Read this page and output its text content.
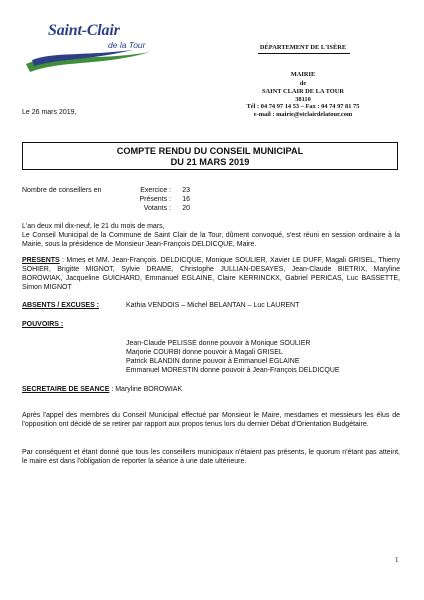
Saint-Clair
de la Tour	DÉPARTEMENT DE L'ISÈRE
MAIRIE
de
SAINT CLAIR DE LA TOUR
38110
Tél : 04 74 97 14 53 – Fax : 04 74 97 81 75
e-mail : mairie@stclairdelatour.com
Le 26 mars 2019,
COMPTE RENDU DU CONSEIL MUNICIPAL
DU 21 MARS 2019
Nombre de conseillers en	Exercice :	23
Présents :	16
Votants :	20
L'an deux mil dix-neuf, le 21 du mois de mars,
Le Conseil Municipal de la Commune de Saint Clair de la Tour, dûment convoqué, s'est réuni en session ordinaire à la Mairie, sous la présidence de Monsieur Jean-François DELDICQUE, Maire.
PRESENTS : Mmes et MM. Jean-François. DELDICQUE, Monique SOULIER, Xavier LE DUFF, Magali GRISEL, Thierry SOHIER, Brigitte MIGNOT, Sylvie DRAME, Christophe JULLIAN-DESAYES, Jean-Claude BIETRIX, Maryline BOROWIAK, Jacqueline GUICHARD, Emmanuel EGLAINE, Claire KERRINCKX, Gabriel PERICAS, Luc BASSETTE, Simon MIGNOT
ABSENTS / EXCUSES :	Kathia VENDOIS – Michel BELANTAN – Luc LAURENT
POUVOIRS :
Jean-Claude PELISSE donne pouvoir à Monique SOULIER
Marjorie COURBI donne pouvoir à Magali GRISEL
Patrick BLANDIN donne pouvoir à Emmanuel EGLAINE
Emmanuel MORESTIN donne pouvoir à Jean-François DELDICQUE
SECRETAIRE DE SEANCE : Maryline BOROWIAK
Après l'appel des membres du Conseil Municipal effectué par Monsieur le Maire, mesdames et messieurs les élus de l'opposition ont décidé de se retirer par rapport aux propos tenus lors du dernier Débat d'Orientation Budgétaire.
Par conséquent et étant donné que tous les conseillers municipaux n'étaient pas présents, le quorum n'étant pas atteint, le maire est dans l'obligation de reporter la séance à une date ultérieure.
1
